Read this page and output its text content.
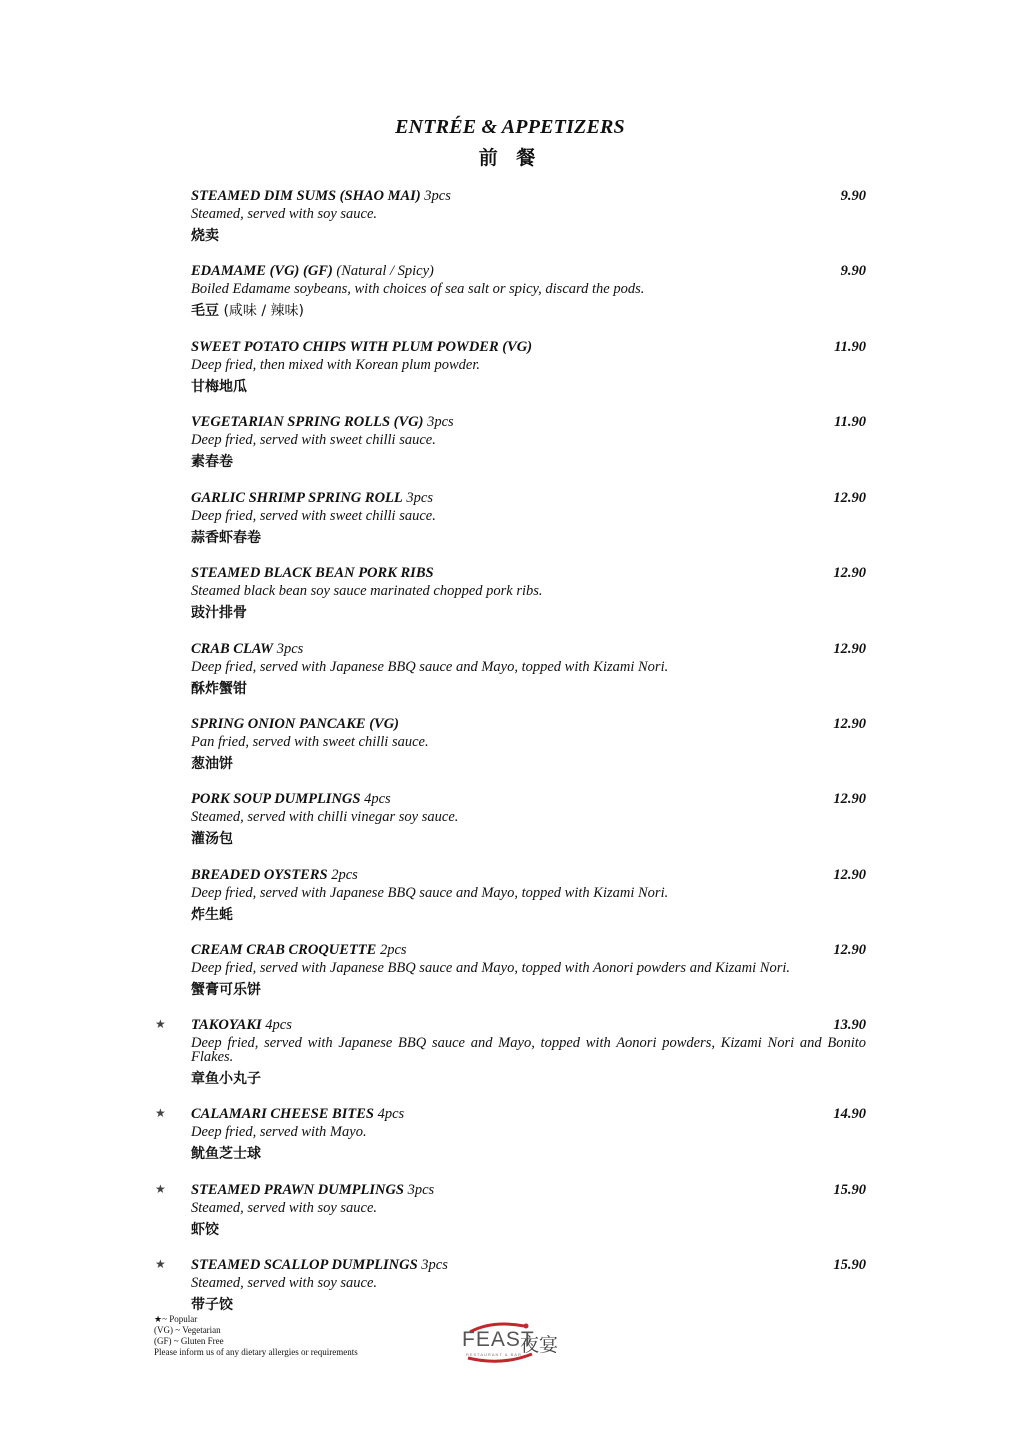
ENTRÉE & APPETIZERS
前 餐
STEAMED DIM SUMS (SHAO MAI) 3pcs	9.90
Steamed, served with soy sauce.
烧卖
EDAMAME (VG) (GF) (Natural / Spicy)	9.90
Boiled Edamame soybeans, with choices of sea salt or spicy, discard the pods.
毛豆 (咸味 / 辣味)
SWEET POTATO CHIPS WITH PLUM POWDER (VG)	11.90
Deep fried, then mixed with Korean plum powder.
甘梅地瓜
VEGETARIAN SPRING ROLLS (VG) 3pcs	11.90
Deep fried, served with sweet chilli sauce.
素春卷
GARLIC SHRIMP SPRING ROLL 3pcs	12.90
Deep fried, served with sweet chilli sauce.
蒜香虾春卷
STEAMED BLACK BEAN PORK RIBS	12.90
Steamed black bean soy sauce marinated chopped pork ribs.
豉汁排骨
CRAB CLAW 3pcs	12.90
Deep fried, served with Japanese BBQ sauce and Mayo, topped with Kizami Nori.
酥炸蟹钳
SPRING ONION PANCAKE (VG)	12.90
Pan fried, served with sweet chilli sauce.
葱油饼
PORK SOUP DUMPLINGS 4pcs	12.90
Steamed, served with chilli vinegar soy sauce.
灌汤包
BREADED OYSTERS 2pcs	12.90
Deep fried, served with Japanese BBQ sauce and Mayo, topped with Kizami Nori.
炸生蚝
CREAM CRAB CROQUETTE 2pcs	12.90
Deep fried, served with Japanese BBQ sauce and Mayo, topped with Aonori powders and Kizami Nori.
蟹膏可乐饼
★ TAKOYAKI 4pcs	13.90
Deep fried, served with Japanese BBQ sauce and Mayo, topped with Aonori powders, Kizami Nori and Bonito Flakes.
章鱼小丸子
★ CALAMARI CHEESE BITES 4pcs	14.90
Deep fried, served with Mayo.
鱿鱼芝士球
★ STEAMED PRAWN DUMPLINGS 3pcs	15.90
Steamed, served with soy sauce.
虾饺
★ STEAMED SCALLOP DUMPLINGS 3pcs	15.90
Steamed, served with soy sauce.
带子饺
★~ Popular
(VG) ~ Vegetarian
(GF) ~ Gluten Free
Please inform us of any dietary allergies or requirements
FEAST
夜宴
RESTAURANT & BAR
